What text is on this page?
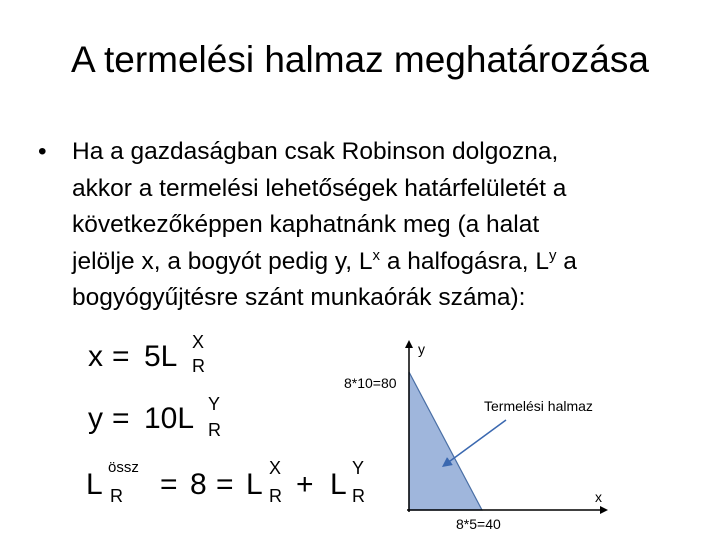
A termelési halmaz meghatározása
• Ha a gazdaságban csak Robinson dolgozna,
akkor a termelési lehetőségek határfelületét a
következőképpen kaphatnánk meg (a halat
jelölje x, a bogyót pedig y, $L^x$ a halfogásra, $L^y$ a
bogyógyűjtésre szánt munkaórák száma):
x = 5L X
R
y = 10L Y
R
L
össz
R = 8 = L X
R + L Y
R
y
x
8*10=80
8*5=40
Termelési halmaz
